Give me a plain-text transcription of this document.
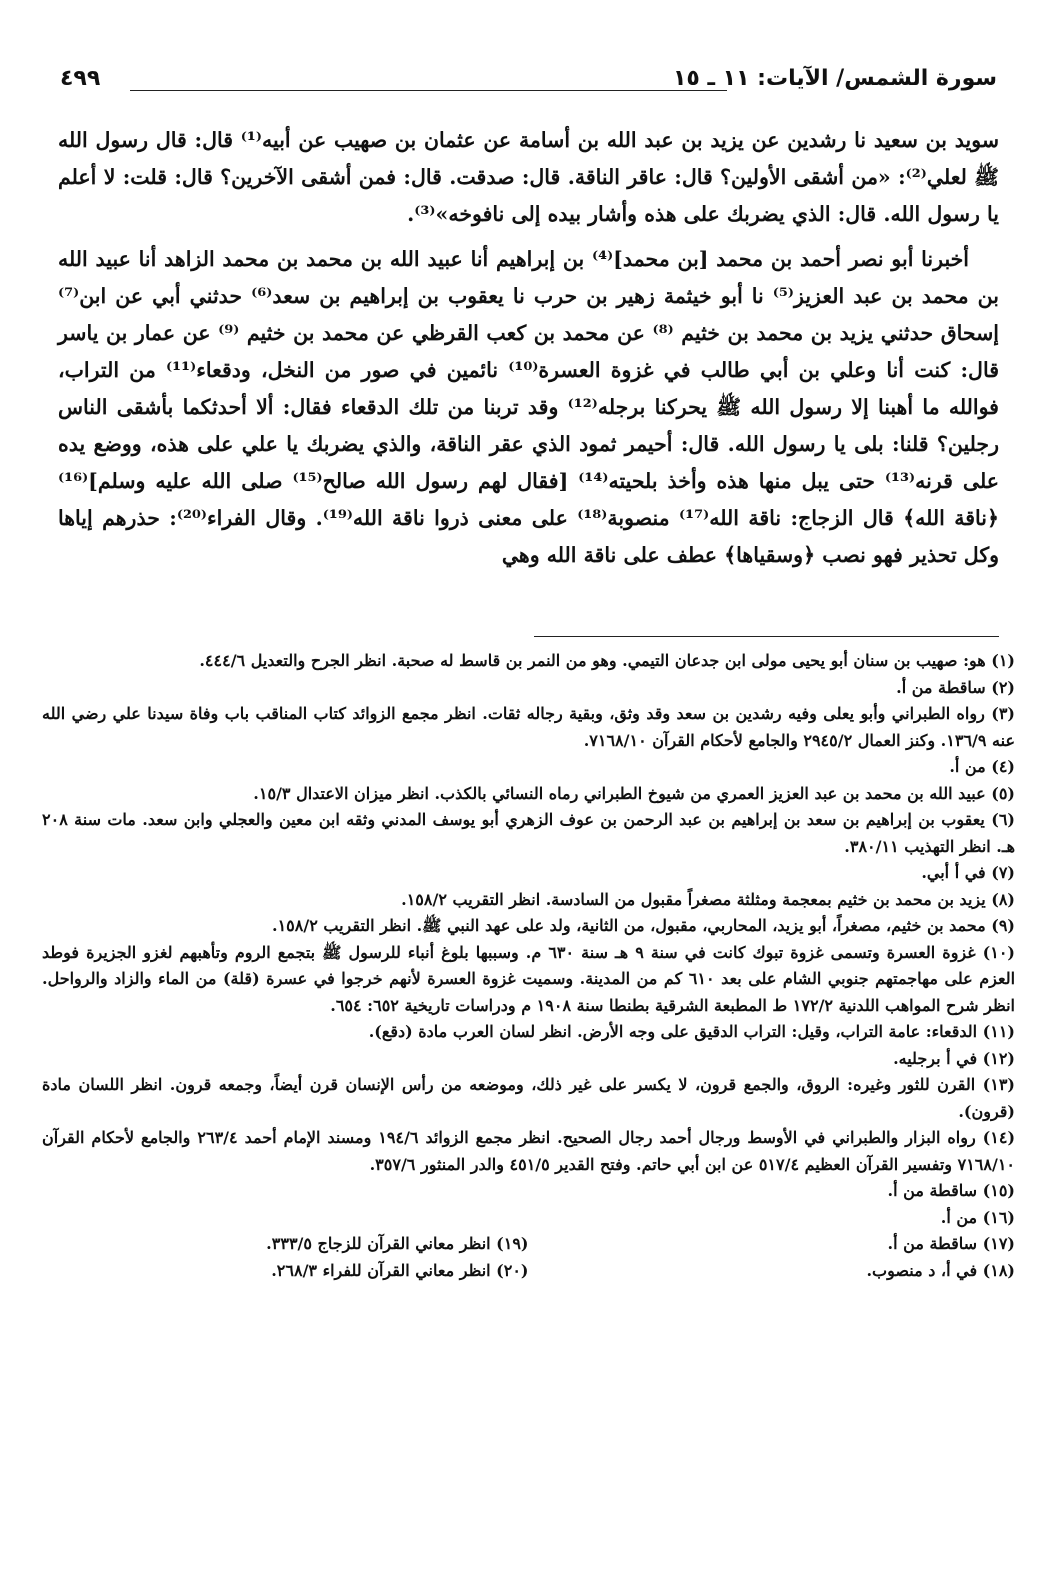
سورة الشمس/ الآيات: ١١ ـ ١٥
٤٩٩

سويد بن سعيد نا رشدين عن يزيد بن عبد الله بن أسامة عن عثمان بن صهيب عن أبيه⁽¹⁾ قال: قال رسول الله ﷺ لعلي⁽²⁾: «من أشقى الأولين؟ قال: عاقر الناقة. قال: صدقت. قال: فمن أشقى الآخرين؟ قال: قلت: لا أعلم يا رسول الله. قال: الذي يضربك على هذه وأشار بيده إلى نافوخه»⁽³⁾.

أخبرنا أبو نصر أحمد بن محمد [بن محمد]⁽⁴⁾ بن إبراهيم أنا عبيد الله بن محمد بن محمد الزاهد أنا عبيد الله بن محمد بن عبد العزيز⁽⁵⁾ نا أبو خيثمة زهير بن حرب نا يعقوب بن إبراهيم بن سعد⁽⁶⁾ حدثني أبي عن ابن⁽⁷⁾ إسحاق حدثني يزيد بن محمد بن خثيم ⁽⁸⁾ عن محمد بن كعب القرظي عن محمد بن خثيم ⁽⁹⁾ عن عمار بن ياسر قال: كنت أنا وعلي بن أبي طالب في غزوة العسرة⁽¹⁰⁾ نائمين في صور من النخل، ودقعاء⁽¹¹⁾ من التراب، فوالله ما أهبنا إلا رسول الله ﷺ يحركنا برجله⁽¹²⁾ وقد تربنا من تلك الدقعاء فقال: ألا أحدثكما بأشقى الناس رجلين؟ قلنا: بلى يا رسول الله. قال: أحيمر ثمود الذي عقر الناقة، والذي يضربك يا علي على هذه، ووضع يده على قرنه⁽¹³⁾ حتى يبل منها هذه وأخذ بلحيته⁽¹⁴⁾ [فقال لهم رسول الله صالح⁽¹⁵⁾ صلى الله عليه وسلم]⁽¹⁶⁾ ﴿ناقة الله﴾ قال الزجاج: ناقة الله⁽¹⁷⁾ منصوبة⁽¹⁸⁾ على معنى ذروا ناقة الله⁽¹⁹⁾. وقال الفراء⁽²⁰⁾: حذرهم إياها وكل تحذير فهو نصب ﴿وسقياها﴾ عطف على ناقة الله وهي

(١) هو: صهيب بن سنان أبو يحيى مولى ابن جدعان التيمي. وهو من النمر بن قاسط له صحبة. انظر الجرح والتعديل ٤٤٤/٦.

(٢) ساقطة من أ.

(٣) رواه الطبراني وأبو يعلى وفيه رشدين بن سعد وقد وثق، وبقية رجاله ثقات. انظر مجمع الزوائد كتاب المناقب باب وفاة سيدنا علي رضي الله عنه ١٣٦/٩. وكنز العمال ٢٩٤٥/٢ والجامع لأحكام القرآن ٧١٦٨/١٠.

(٤) من أ.

(٥) عبيد الله بن محمد بن عبد العزيز العمري من شيوخ الطبراني رماه النسائي بالكذب. انظر ميزان الاعتدال ١٥/٣.

(٦) يعقوب بن إبراهيم بن سعد بن إبراهيم بن عبد الرحمن بن عوف الزهري أبو يوسف المدني وثقه ابن معين والعجلي وابن سعد. مات سنة ٢٠٨ هـ. انظر التهذيب ٣٨٠/١١.

(٧) في أ أبي.

(٨) يزيد بن محمد بن خثيم بمعجمة ومثلثة مصغراً مقبول من السادسة. انظر التقريب ١٥٨/٢.

(٩) محمد بن خثيم، مصغراً، أبو يزيد، المحاربي، مقبول، من الثانية، ولد على عهد النبي ﷺ. انظر التقريب ١٥٨/٢.

(١٠) غزوة العسرة وتسمى غزوة تبوك كانت في سنة ٩ هـ سنة ٦٣٠ م. وسببها بلوغ أنباء للرسول ﷺ بتجمع الروم وتأهبهم لغزو الجزيرة فوطد العزم على مهاجمتهم جنوبي الشام على بعد ٦١٠ كم من المدينة. وسميت غزوة العسرة لأنهم خرجوا في عسرة (قلة) من الماء والزاد والرواحل. انظر شرح المواهب اللدنية ١٧٢/٢ ط المطبعة الشرقية بطنطا سنة ١٩٠٨ م ودراسات تاريخية ٦٥٢: ٦٥٤.

(١١) الدقعاء: عامة التراب، وقيل: التراب الدقيق على وجه الأرض. انظر لسان العرب مادة (دقع).

(١٢) في أ برجليه.

(١٣) القرن للثور وغيره: الروق، والجمع قرون، لا يكسر على غير ذلك، وموضعه من رأس الإنسان قرن أيضاً، وجمعه قرون. انظر اللسان مادة (قرون).

(١٤) رواه البزار والطبراني في الأوسط ورجال أحمد رجال الصحيح. انظر مجمع الزوائد ١٩٤/٦ ومسند الإمام أحمد ٢٦٣/٤ والجامع لأحكام القرآن ٧١٦٨/١٠ وتفسير القرآن العظيم ٥١٧/٤ عن ابن أبي حاتم. وفتح القدير ٤٥١/٥ والدر المنثور ٣٥٧/٦.

(١٥) ساقطة من أ.

(١٦) من أ.

(١٧) ساقطة من أ.

(١٨) في أ، د منصوب.

(١٩) انظر معاني القرآن للزجاج ٣٣٣/٥.

(٢٠) انظر معاني القرآن للفراء ٢٦٨/٣.
